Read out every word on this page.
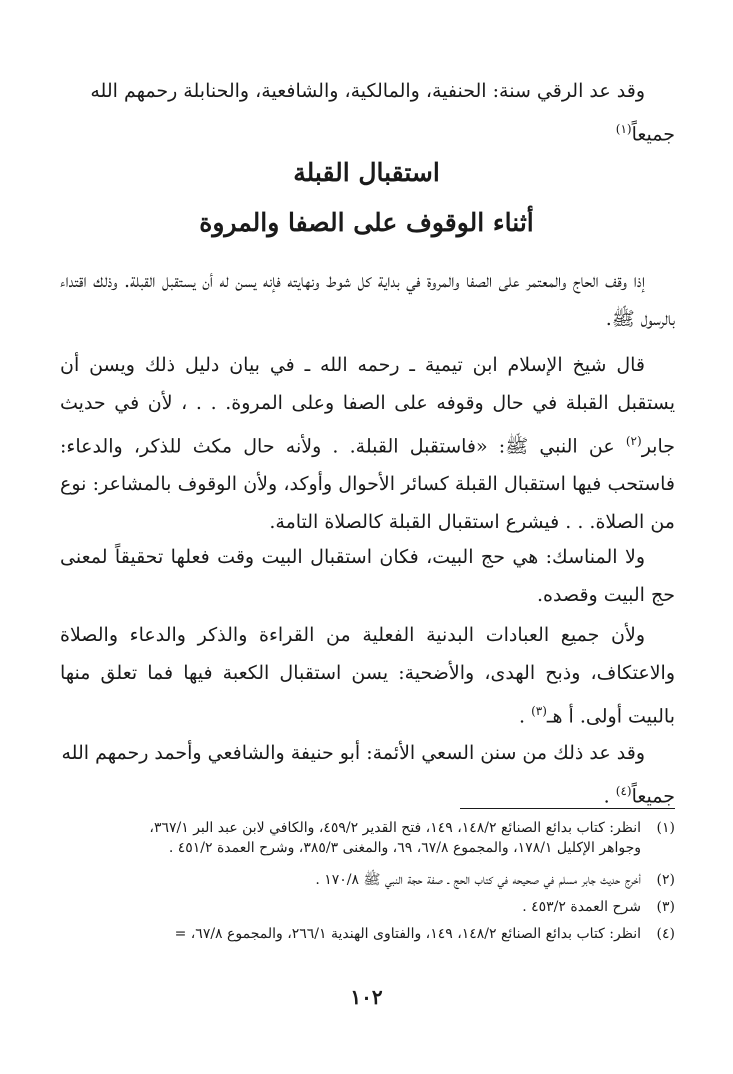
وقد عد الرقي سنة: الحنفية، والمالكية، والشافعية، والحنابلة رحمهم الله
جميعاً$^{(١)}$

استقبال القبلة
أثناء الوقوف على الصفا والمروة

إذا وقف الحاج والمعتمر على الصفا والمروة في بداية كل شوط ونهايته فإنه يسن له أن يستقبل القبلة. وذلك اقتداء بالرسول ﷺ.

قال شيخ الإسلام ابن تيمية ـ رحمه الله ـ في بيان دليل ذلك ويسن أن يستقبل القبلة في حال وقوفه على الصفا وعلى المروة. . . ، لأن في حديث جابر$^{(٢)}$ عن النبي ﷺ: «فاستقبل القبلة. . ولأنه حال مكث للذكر، والدعاء: فاستحب فيها استقبال القبلة كسائر الأحوال وأوكد، ولأن الوقوف بالمشاعر: نوع من الصلاة. . . فيشرع استقبال القبلة كالصلاة التامة.

ولا المناسك: هي حج البيت، فكان استقبال البيت وقت فعلها تحقيقاً لمعنى حج البيت وقصده.

ولأن جميع العبادات البدنية الفعلية من القراءة والذكر والدعاء والصلاة والاعتكاف، وذبح الهدى، والأضحية: يسن استقبال الكعبة فيها فما تعلق منها بالبيت أولى. أ هـ$^{(٣)}$ .

وقد عد ذلك من سنن السعي الأئمة: أبو حنيفة والشافعي وأحمد رحمهم الله
جميعاً$^{(٤)}$ .

(١)انظر: كتاب بدائع الصنائع ١٤٨/٢، ١٤٩، فتح القدير ٤٥٩/٢، والكافي لابن عبد البر ٣٦٧/١،
وجواهر الإكليل ١٧٨/١، والمجموع ٦٧/٨، ٦٩، والمغنى ٣٨٥/٣، وشرح العمدة ٤٥١/٢ .

(٢)أخرج حديث جابر مسلم في صحيحه في كتاب الحج ـ صفة حجة النبي ﷺ ١٧٠/٨ .

(٣)شرح العمدة ٤٥٣/٢ .

(٤)انظر: كتاب بدائع الصنائع ١٤٨/٢، ١٤٩، والفتاوى الهندية ٢٦٦/١، والمجموع ٦٧/٨، =

١٠٢
